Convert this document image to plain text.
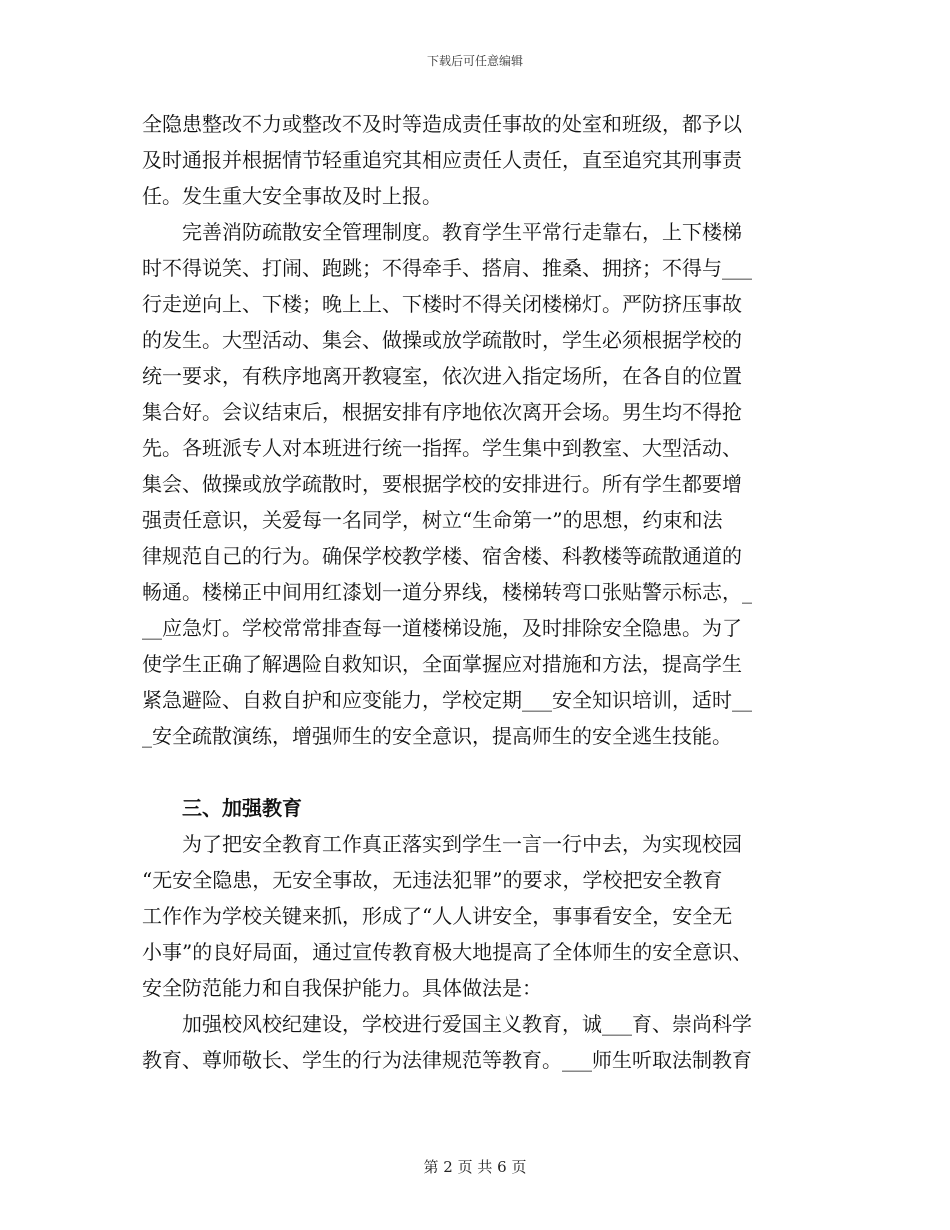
下载后可任意编辑
全隐患整改不力或整改不及时等造成责任事故的处室和班级，都予以
及时通报并根据情节轻重追究其相应责任人责任，直至追究其刑事责
任。发生重大安全事故及时上报。
　　完善消防疏散安全管理制度。教育学生平常行走靠右，上下楼梯
时不得说笑、打闹、跑跳；不得牵手、搭肩、推桑、拥挤；不得与___
行走逆向上、下楼；晚上上、下楼时不得关闭楼梯灯。严防挤压事故
的发生。大型活动、集会、做操或放学疏散时，学生必须根据学校的
统一要求，有秩序地离开教寝室，依次进入指定场所，在各自的位置
集合好。会议结束后，根据安排有序地依次离开会场。男生均不得抢
先。各班派专人对本班进行统一指挥。学生集中到教室、大型活动、
集会、做操或放学疏散时，要根据学校的安排进行。所有学生都要增
强责任意识，关爱每一名同学，树立“生命第一”的思想，约束和法
律规范自己的行为。确保学校教学楼、宿舍楼、科教楼等疏散通道的
畅通。楼梯正中间用红漆划一道分界线，楼梯转弯口张贴警示标志，_
__应急灯。学校常常排查每一道楼梯设施，及时排除安全隐患。为了
使学生正确了解遇险自救知识，全面掌握应对措施和方法，提高学生
紧急避险、自救自护和应变能力，学校定期___安全知识培训，适时__
_安全疏散演练，增强师生的安全意识，提高师生的安全逃生技能。
　　三、加强教育
　　为了把安全教育工作真正落实到学生一言一行中去，为实现校园
“无安全隐患，无安全事故，无违法犯罪”的要求，学校把安全教育
工作作为学校关键来抓，形成了“人人讲安全，事事看安全，安全无
小事”的良好局面，通过宣传教育极大地提高了全体师生的安全意识、
安全防范能力和自我保护能力。具体做法是：
　　加强校风校纪建设，学校进行爱国主义教育，诚___育、崇尚科学
教育、尊师敬长、学生的行为法律规范等教育。___师生听取法制教育
第 2 页 共 6 页
